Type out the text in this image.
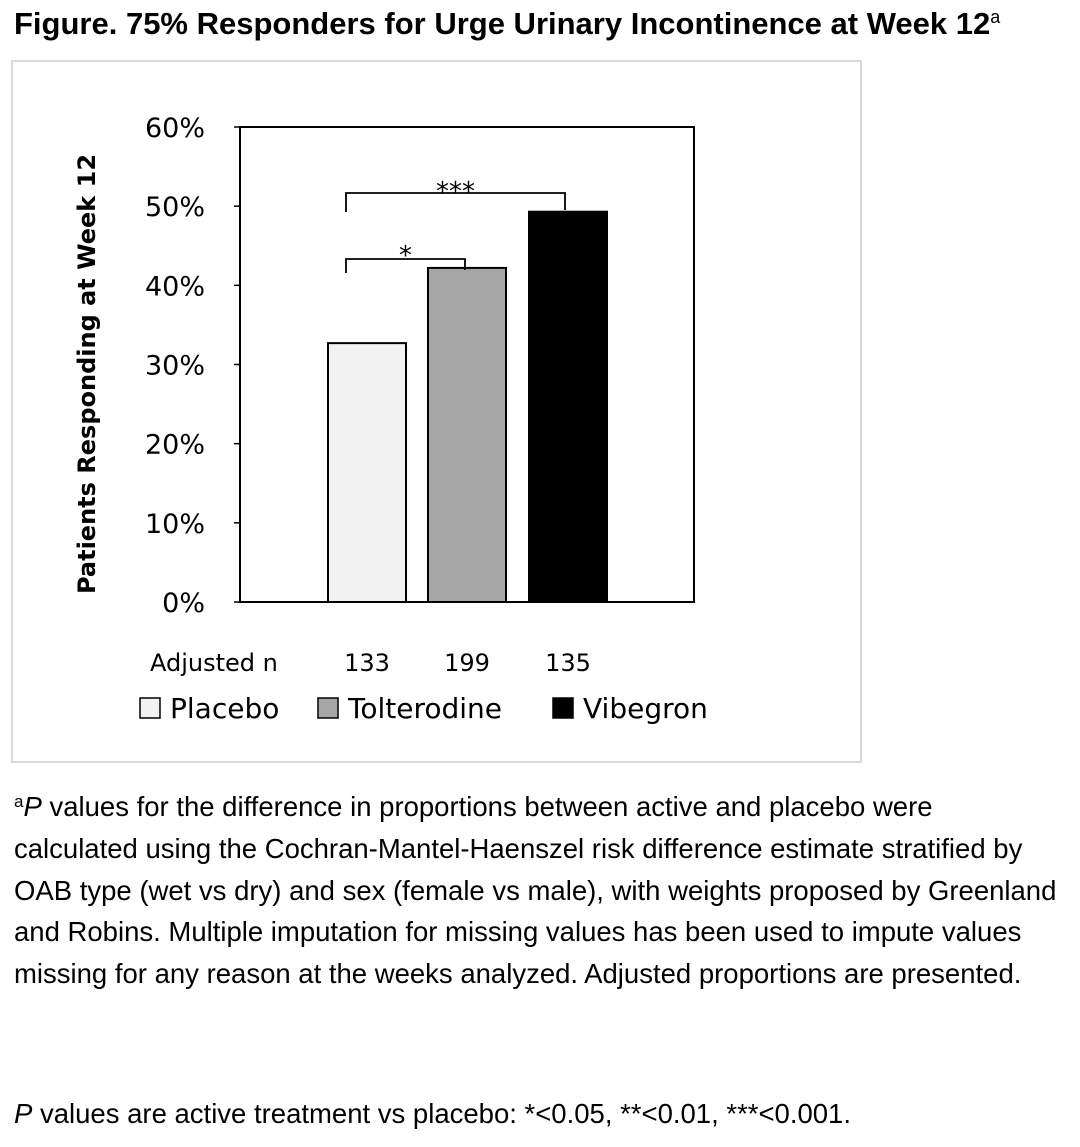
Figure. 75% Responders for Urge Urinary Incontinence at Week 12$^a$
0%
10%
20%
30%
40%
50%
60%
*
***
Patients Responding at Week 12
Adjusted n	133 199 135
Placebo Tolterodine	Vibegron

$^a$P values for the difference in proportions between active and placebo were calculated using the Cochran-Mantel-Haenszel risk difference estimate stratified by OAB type (wet vs dry) and sex (female vs male), with weights proposed by Greenland and Robins. Multiple imputation for missing values has been used to impute values missing for any reason at the weeks analyzed. Adjusted proportions are presented.

P values are active treatment vs placebo: *<0.05, **<0.01, ***<0.001.
